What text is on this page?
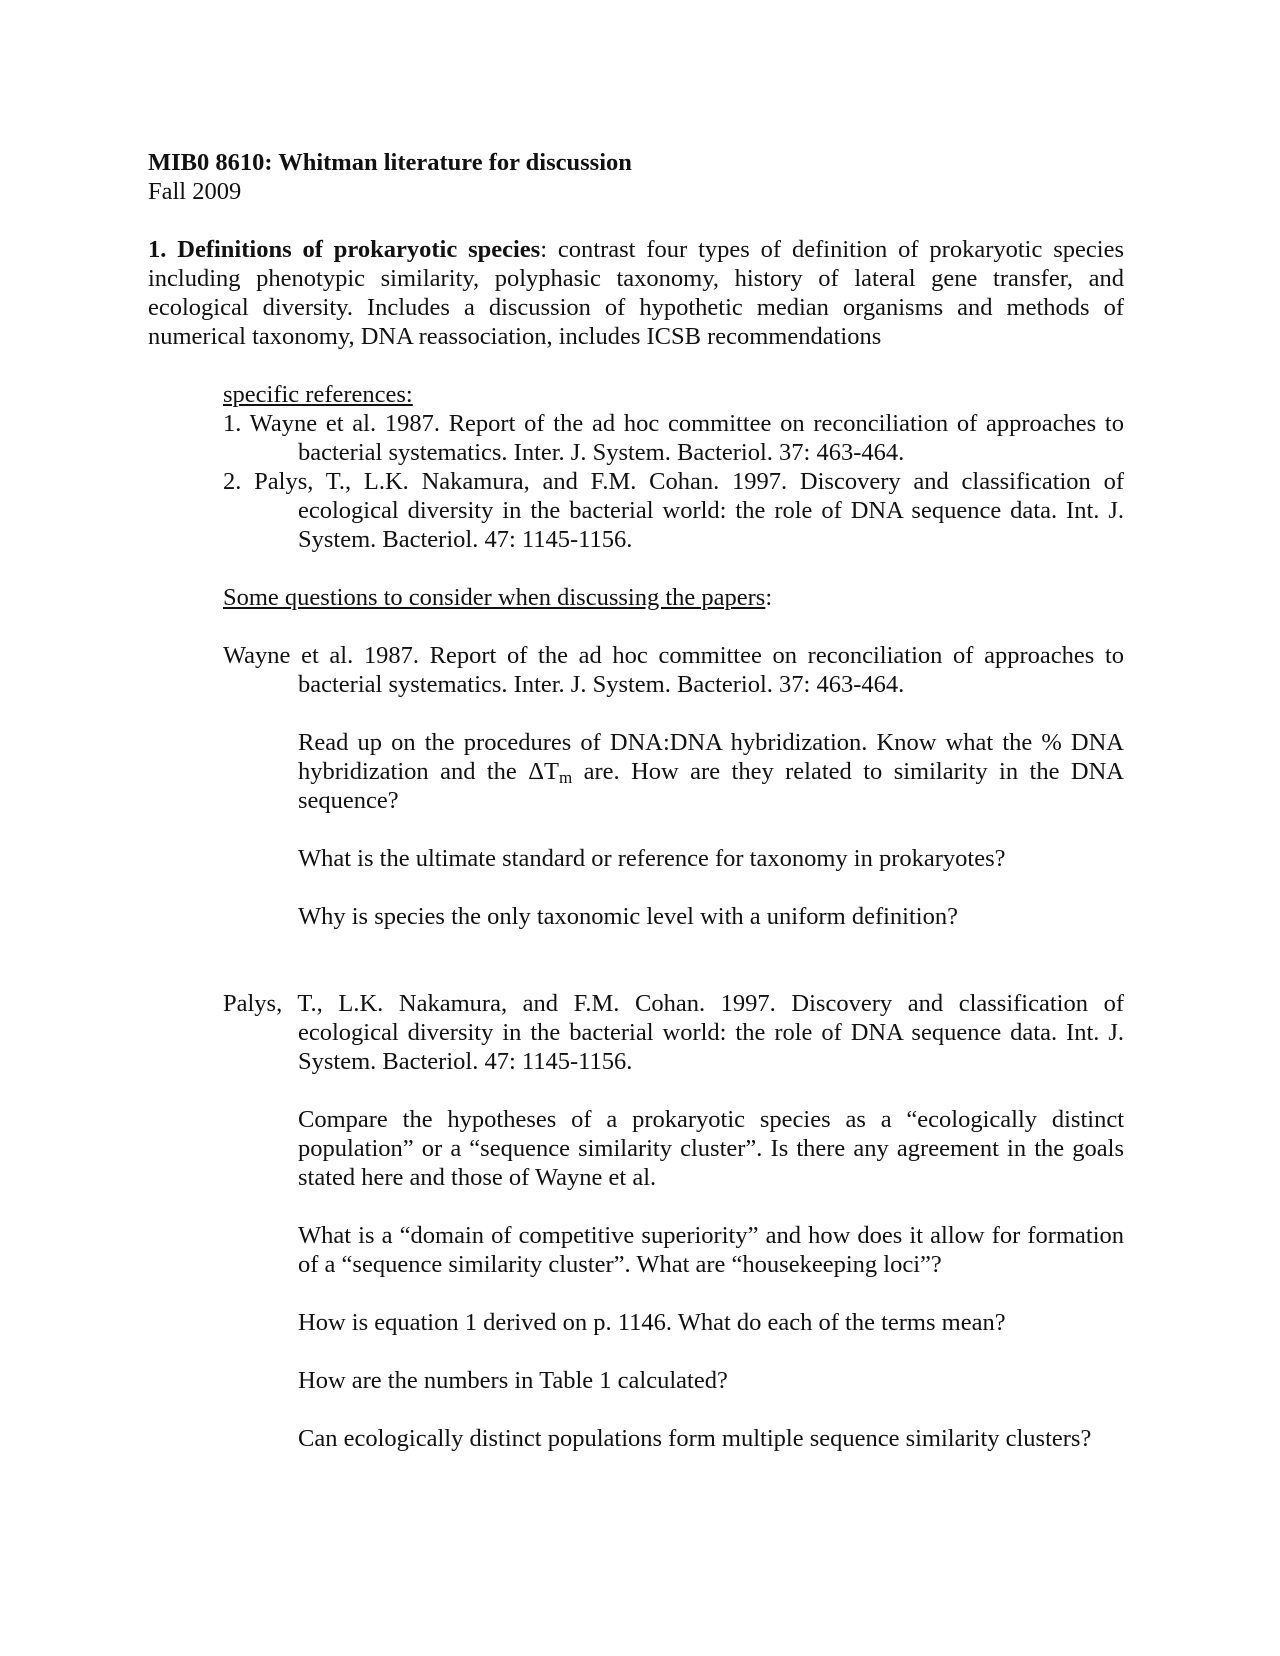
MIB0 8610: Whitman literature for discussion

Fall 2009

1. Definitions of prokaryotic species: contrast four types of definition of prokaryotic species including phenotypic similarity, polyphasic taxonomy, history of lateral gene transfer, and ecological diversity. Includes a discussion of hypothetic median organisms and methods of numerical taxonomy, DNA reassociation, includes ICSB recommendations

specific references:

1. Wayne et al. 1987. Report of the ad hoc committee on reconciliation of approaches to bacterial systematics. Inter. J. System. Bacteriol. 37: 463-464.

2. Palys, T., L.K. Nakamura, and F.M. Cohan. 1997. Discovery and classification of ecological diversity in the bacterial world: the role of DNA sequence data. Int. J. System. Bacteriol. 47: 1145-1156.

Some questions to consider when discussing the papers:

Wayne et al. 1987. Report of the ad hoc committee on reconciliation of approaches to bacterial systematics. Inter. J. System. Bacteriol. 37: 463-464.

Read up on the procedures of DNA:DNA hybridization. Know what the % DNA hybridization and the $\Delta T_m$ are. How are they related to similarity in the DNA sequence?

What is the ultimate standard or reference for taxonomy in prokaryotes?

Why is species the only taxonomic level with a uniform definition?

Palys, T., L.K. Nakamura, and F.M. Cohan. 1997. Discovery and classification of ecological diversity in the bacterial world: the role of DNA sequence data. Int. J. System. Bacteriol. 47: 1145-1156.

Compare the hypotheses of a prokaryotic species as a “ecologically distinct population” or a “sequence similarity cluster”. Is there any agreement in the goals stated here and those of Wayne et al.

What is a “domain of competitive superiority” and how does it allow for formation of a “sequence similarity cluster”. What are “housekeeping loci”?

How is equation 1 derived on p. 1146. What do each of the terms mean?

How are the numbers in Table 1 calculated?

Can ecologically distinct populations form multiple sequence similarity clusters?
